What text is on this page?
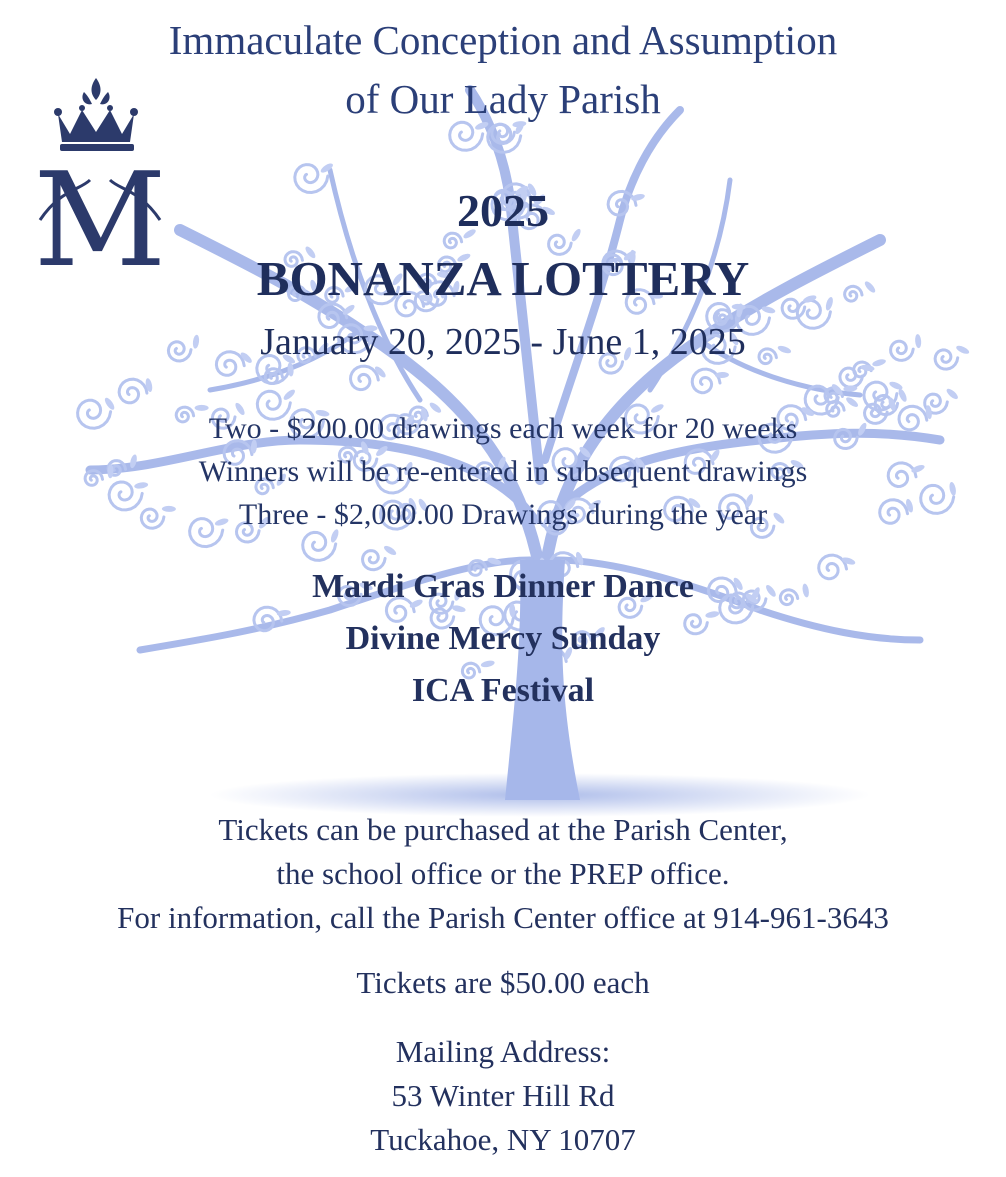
M
Immaculate Conception and Assumption
of Our Lady Parish
2025
BONANZA LOTTERY
January 20, 2025 - June 1, 2025
Two - $200.00 drawings each week for 20 weeks
Winners will be re-entered in subsequent drawings
Three - $2,000.00 Drawings during the year
Mardi Gras Dinner Dance
Divine Mercy Sunday
ICA Festival
Tickets can be purchased at the Parish Center,
the school office or the PREP office.
For information, call the Parish Center office at 914-961-3643
Tickets are $50.00 each
Mailing Address:
53 Winter Hill Rd
Tuckahoe, NY 10707
